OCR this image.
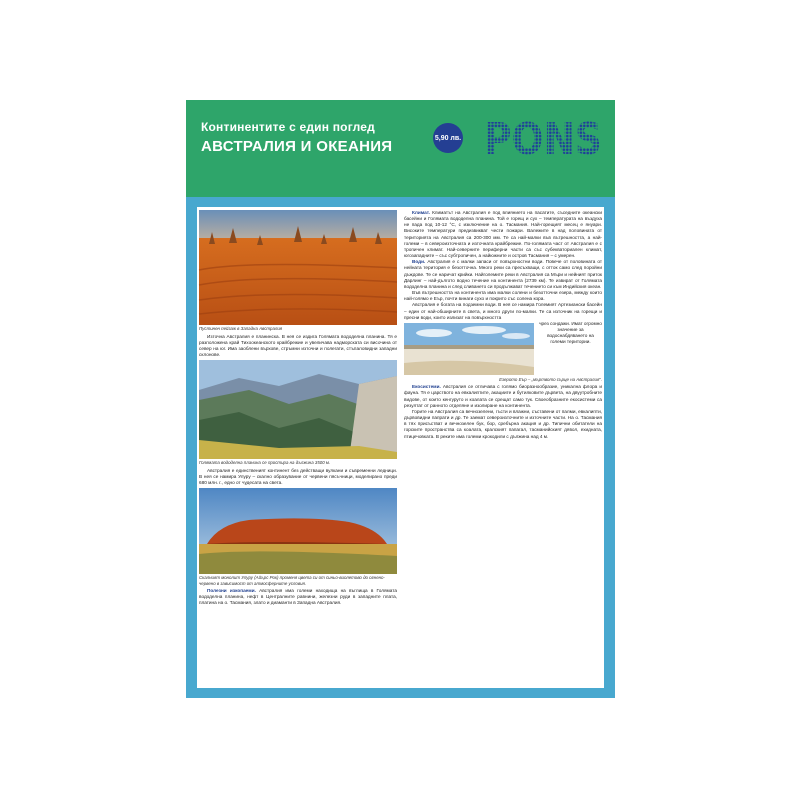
Континентите с един поглед
АВСТРАЛИЯ И ОКЕАНИЯ	5,90 лв. PONS
Пустинен пейзаж в Западна Австралия

Източна Австралия е планинска. В нея се издига Голямата вододелна планина. Тя е разположена край Тихоокеанското крайбрежие и увеличава надморската си височина от север на юг. Има заоблени върхове, стръмни източни и полегати, стъпаловидни западни склонове.

Голямата вододелна планина се простира на дължина 3500 м.

Австралия е единственият континент без действащи вулкани и съвременни ледници. В нея се намира Улуру – скално образувание от червени пясъчници, моделирано преди 680 млн. г., едно от чудесата на света.

Скалният монолит Улуру (Айърс Рок) променя цвета си от синьо-виолетово до огнено-червено в зависимост от атмосферните условия.

Полезни изкопаеми. Австралия има големи находища на въглища в Голямата вододелна планина, нефт в Централните равнини, железни руди в западните плата, платина на о. Тасмания, злато и диаманти в Западна Австралия.

Климат. Климатът на Австралия е под влиянието на пасатите, съседните океански басейни и Голямата вододелна планина. Той е горещ и сух – температурата на въздуха не пада под 10-12 °С, с изключение на о. Тасмания. Най-горещият месец е януари. Високите температури предизвикват чести пожари. Валежите в над половината от територията на Австралия са 200-300 мм. Те са най-малки във вътрешността, а най-големи – в североизточната и източната крайбрежие. По-голямата част от Австралия е с тропичен климат. Най-северните периферни части са със субекваториален климат, югозападните – със субтропичен, а найюжните и остров Тасмания – с умерен.

Води. Австралия е с малки запаси от повърхностни води. Повече от половината от нейната територия е безотточна. Много реки са пресъхващи, с отток само след поройни дъждове. Те се наричат крийки. Найголемите реки в Австралия са Мъри и нейният приток Дарлинг – най-дългото водно течение на континента (2739 км). Те извират от Голямата вододелна планина и след сливането си продължават течението си към Индийския океан.

Във вътрешността на континента има малки солени и безотточни езера, между които най-голямо е Еър, почти винаги сухо и покрито със солена кора.

Австралия е богата на подземни води. В нея се намира Големият Артезиански басейн – един от най-обширните в света, и много други по-малки. Те са източник на горещи и пресни води, които излизат на повърхността

чрез сондажи. Имат огромно значение за водоснабдяването на големи територии.

Езерото Еър – „мъртвото сърце на Австралия“.

Екосистеми. Австралия се отличава с голямо биоразнообразие, уникална флора и фауна. Тя е царството на евкалиптите, акациите и бутилковите дървета, на двуутробните видове, от които кенгуруто и коалата се срещат само тук. Своеобразните екосистеми са резултат от ранното отделяне и изолиране на континента.

Горите на Австралия са вечнозелени, гъсти и влажни, съставени от палми, евкалипти, дървовидни папрати и др. Те заемат североизточните и източните части. На о. Тасмания в тях присъстват и вечнозелен бук, бор, сребърна акация и др. Типични обитатели на горските пространства са коалата, кралският папагал, тасманийският дявол, ехидната, птицечовката. В реките има големи крокодили с дължина над 4 м.
